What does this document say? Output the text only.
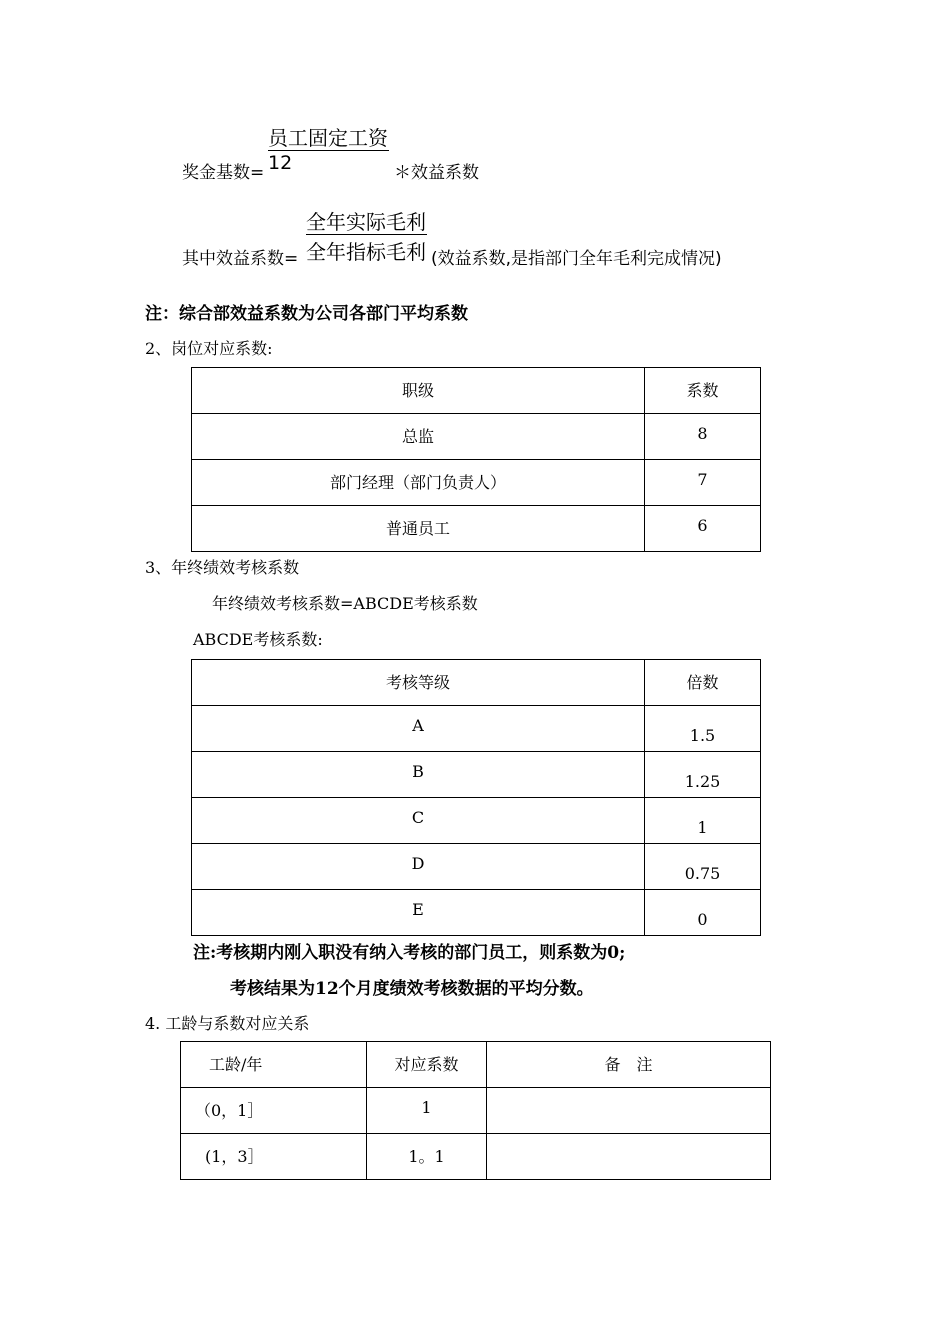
员工固定工资
奖金基数= 12	＊效益系数
全年实际毛利
其中效益系数= 全年指标毛利 (效益系数,是指部门全年毛利完成情况)
注：综合部效益系数为公司各部门平均系数
2、岗位对应系数:
职级	系数
总监	8
部门经理（部门负责人）	7
普通员工	6
3、年终绩效考核系数
年终绩效考核系数=ABCDE考核系数
ABCDE考核系数:
考核等级	倍数
A	1.5
B	1.25
C	1
D	0.75
E	0
注:考核期内刚入职没有纳入考核的部门员工，则系数为0;
考核结果为12个月度绩效考核数据的平均分数。
4. 工龄与系数对应关系
工龄/年	对应系数	备　注
（0，1］	1	
(1，3］	1。1	
